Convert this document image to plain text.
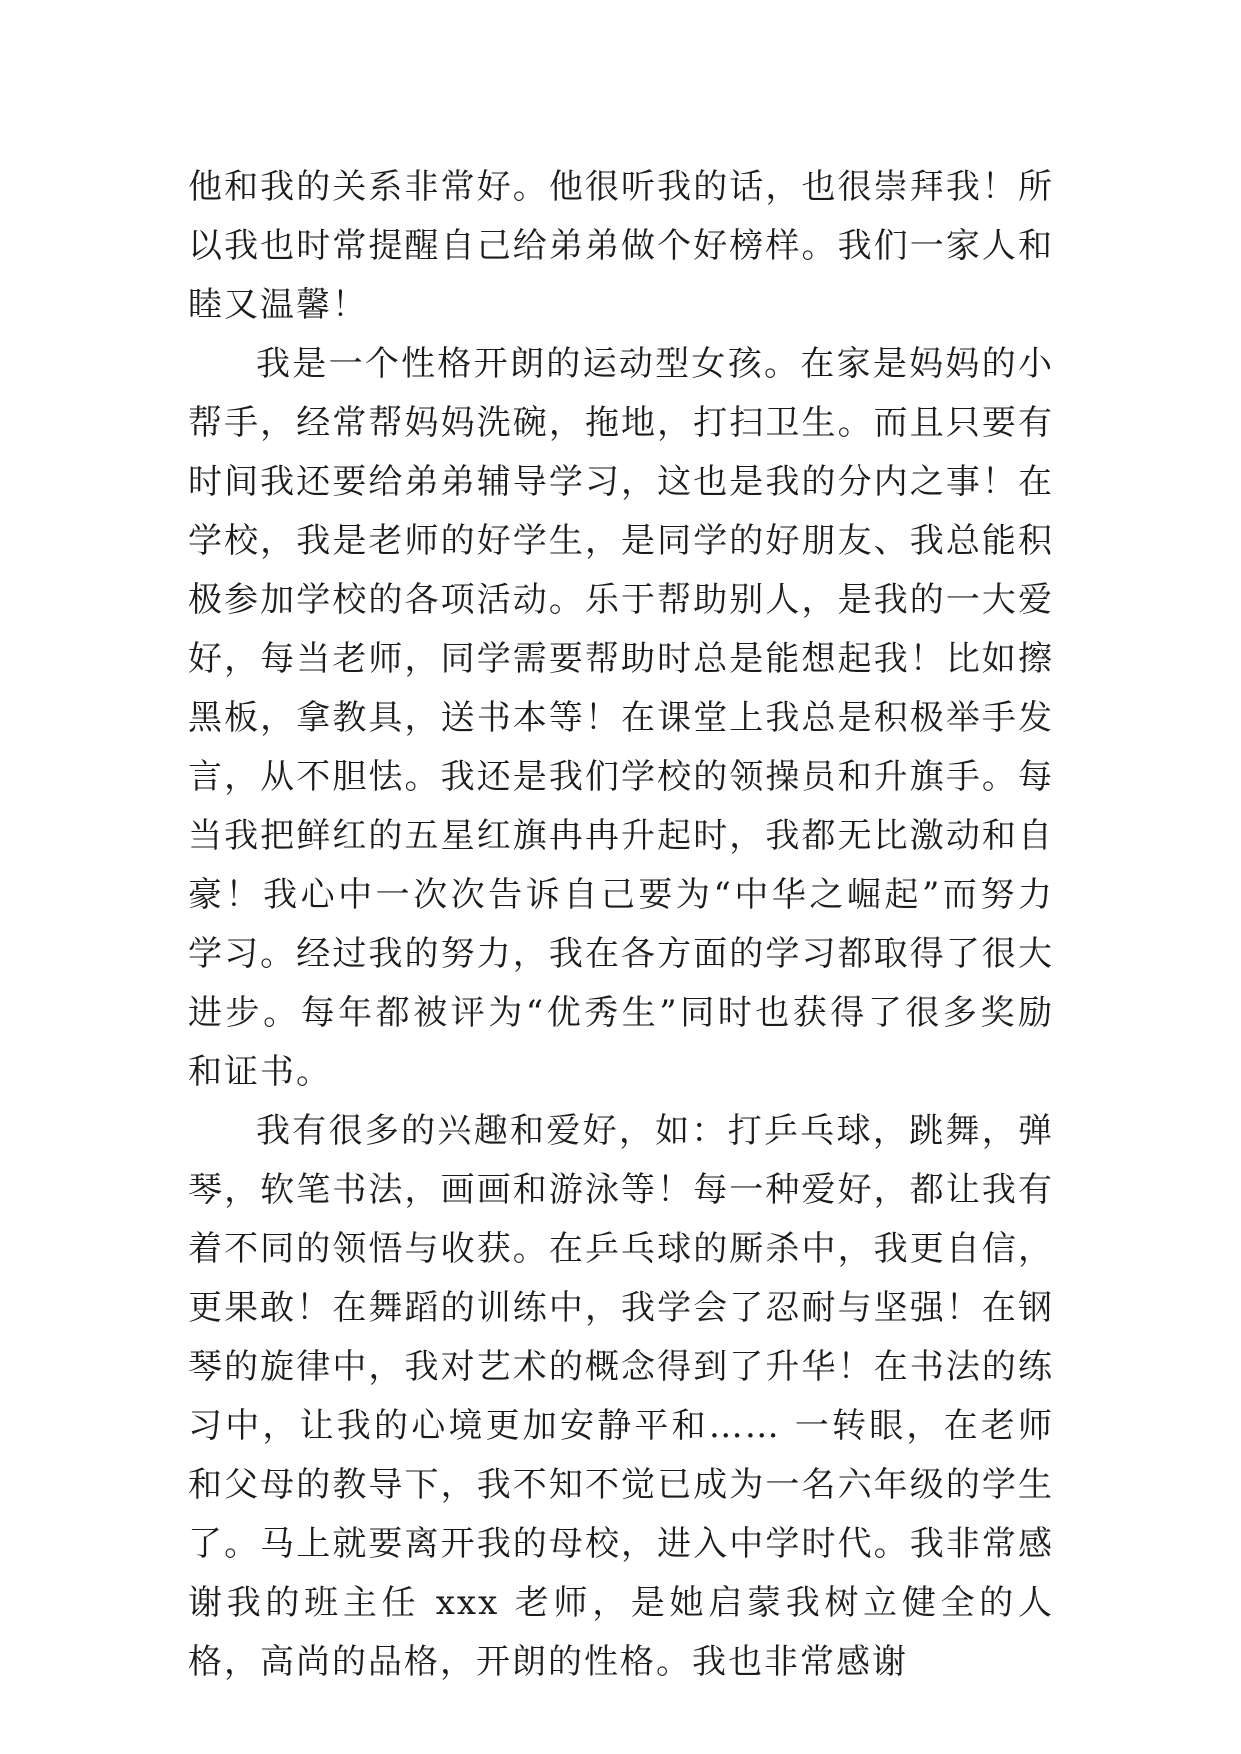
他和我的关系非常好。他很听我的话，也很崇拜我！所以我也时常提醒自己给弟弟做个好榜样。我们一家人和睦又温馨！

我是一个性格开朗的运动型女孩。在家是妈妈的小帮手，经常帮妈妈洗碗，拖地，打扫卫生。而且只要有时间我还要给弟弟辅导学习，这也是我的分内之事！在学校，我是老师的好学生，是同学的好朋友、我总能积极参加学校的各项活动。乐于帮助别人，是我的一大爱好，每当老师，同学需要帮助时总是能想起我！比如擦黑板，拿教具，送书本等！在课堂上我总是积极举手发言，从不胆怯。我还是我们学校的领操员和升旗手。每当我把鲜红的五星红旗冉冉升起时，我都无比激动和自豪！我心中一次次告诉自己要为“中华之崛起”而努力学习。经过我的努力，我在各方面的学习都取得了很大进步。每年都被评为“优秀生”同时也获得了很多奖励和证书。

我有很多的兴趣和爱好，如：打乒乓球，跳舞，弹琴，软笔书法，画画和游泳等！每一种爱好，都让我有着不同的领悟与收获。在乒乓球的厮杀中，我更自信，更果敢！在舞蹈的训练中，我学会了忍耐与坚强！在钢琴的旋律中，我对艺术的概念得到了升华！在书法的练习中，让我的心境更加安静平和…… 一转眼，在老师和父母的教导下，我不知不觉已成为一名六年级的学生了。马上就要离开我的母校，进入中学时代。我非常感谢我的班主任 xxx 老师，是她启蒙我树立健全的人格，高尚的品格，开朗的性格。我也非常感谢
